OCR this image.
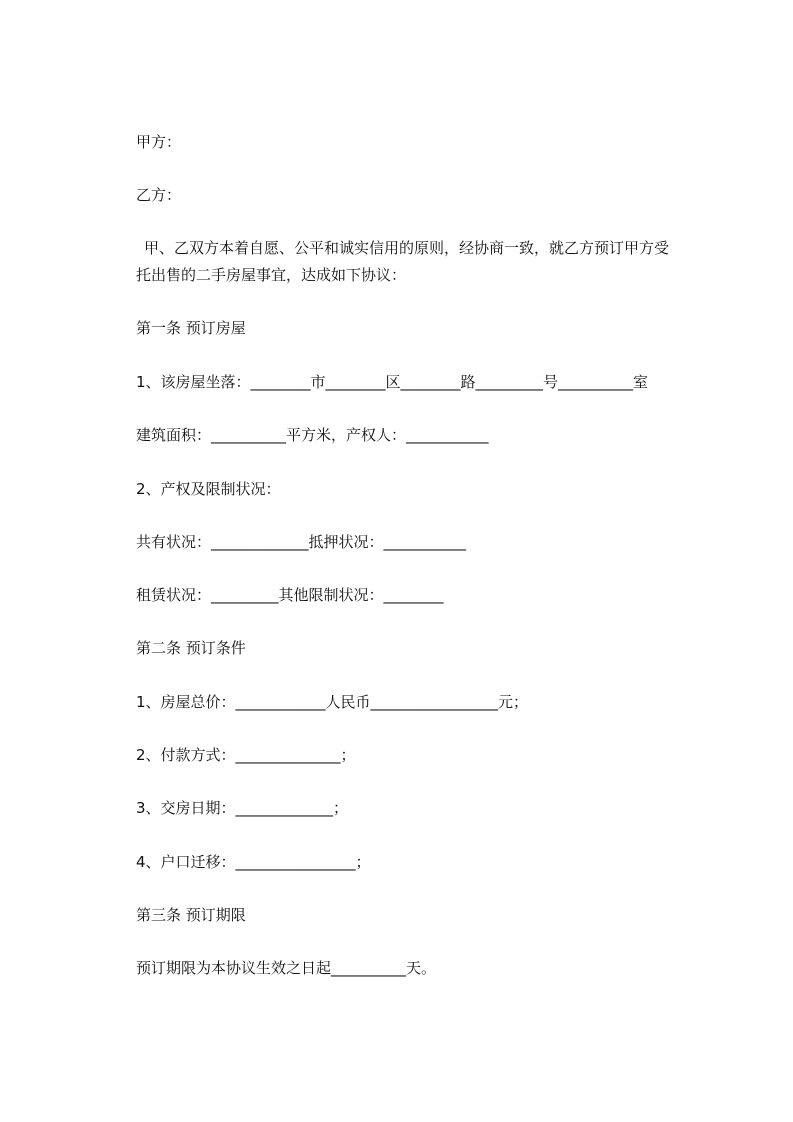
甲方：
乙方：
甲、乙双方本着自愿、公平和诚实信用的原则，经协商一致，就乙方预订甲方受
托出售的二手房屋事宜，达成如下协议：
第一条 预订房屋
1、该房屋坐落：________市________区________路_________号__________室
建筑面积：__________平方米，产权人：___________
2、产权及限制状况：
共有状况：_____________抵押状况：___________
租赁状况：_________其他限制状况：________
第二条 预订条件
1、房屋总价：____________人民币_________________元；
2、付款方式：______________；
3、交房日期：_____________；
4、户口迁移：________________；
第三条 预订期限
预订期限为本协议生效之日起__________天。
